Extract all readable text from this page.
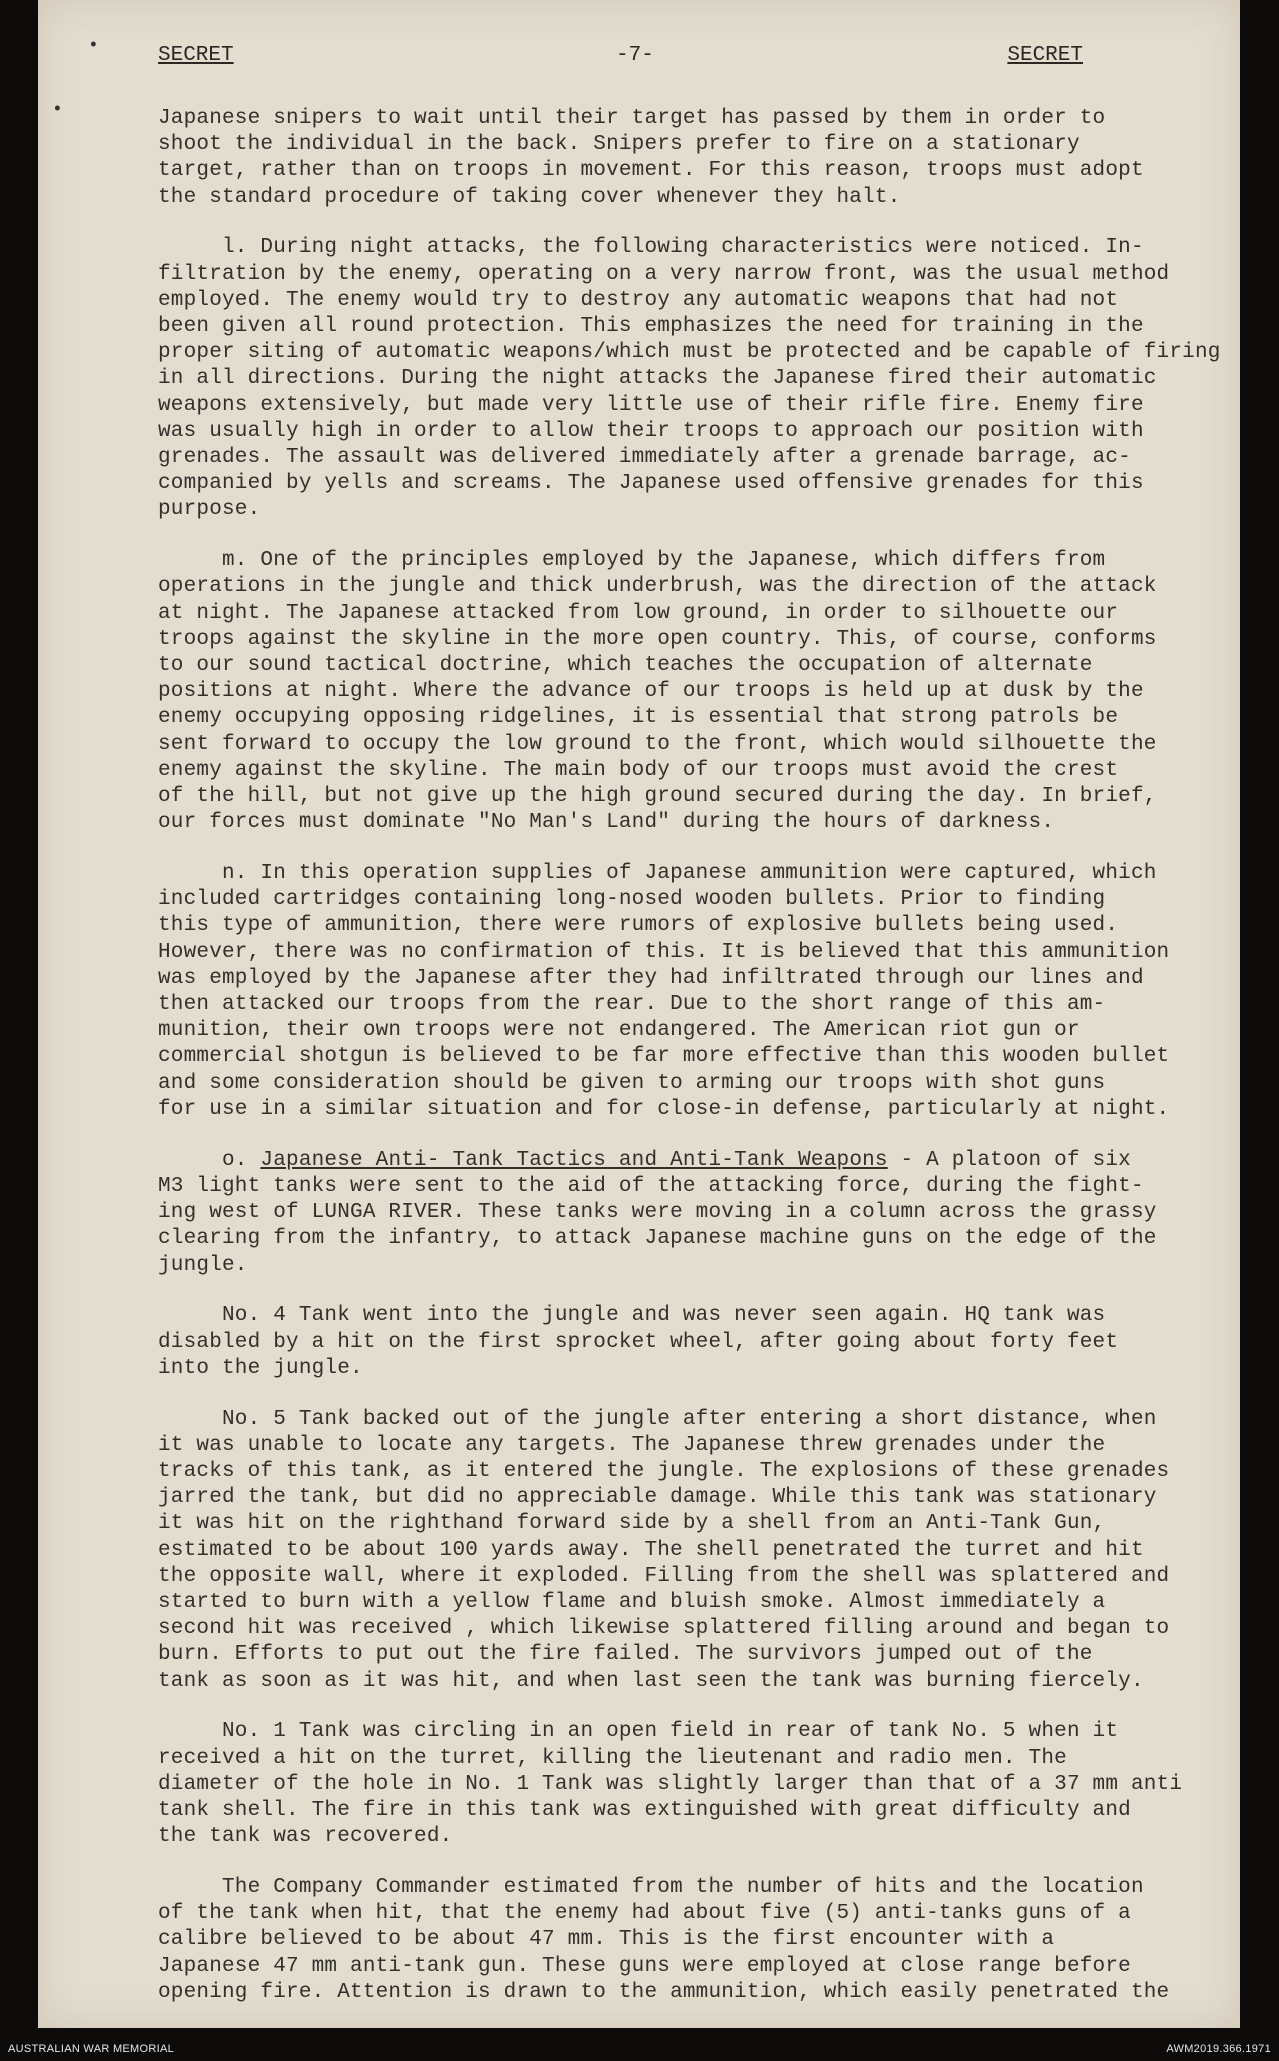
•
•
SECRET	-7-	SECRET
Japanese snipers to wait until their target has passed by them in order to
shoot the individual in the back. Snipers prefer to fire on a stationary
target, rather than on troops in movement. For this reason, troops must adopt
the standard procedure of taking cover whenever they halt.
l. During night attacks, the following characteristics were noticed. In-
filtration by the enemy, operating on a very narrow front, was the usual method
employed. The enemy would try to destroy any automatic weapons that had not
been given all round protection. This emphasizes the need for training in the
proper siting of automatic weapons/which must be protected and be capable of firing
in all directions. During the night attacks the Japanese fired their automatic
weapons extensively, but made very little use of their rifle fire. Enemy fire
was usually high in order to allow their troops to approach our position with
grenades. The assault was delivered immediately after a grenade barrage, ac-
companied by yells and screams. The Japanese used offensive grenades for this
purpose.
m. One of the principles employed by the Japanese, which differs from
operations in the jungle and thick underbrush, was the direction of the attack
at night. The Japanese attacked from low ground, in order to silhouette our
troops against the skyline in the more open country. This, of course, conforms
to our sound tactical doctrine, which teaches the occupation of alternate
positions at night. Where the advance of our troops is held up at dusk by the
enemy occupying opposing ridgelines, it is essential that strong patrols be
sent forward to occupy the low ground to the front, which would silhouette the
enemy against the skyline. The main body of our troops must avoid the crest
of the hill, but not give up the high ground secured during the day. In brief,
our forces must dominate "No Man's Land" during the hours of darkness.
n. In this operation supplies of Japanese ammunition were captured, which
included cartridges containing long-nosed wooden bullets. Prior to finding
this type of ammunition, there were rumors of explosive bullets being used.
However, there was no confirmation of this. It is believed that this ammunition
was employed by the Japanese after they had infiltrated through our lines and
then attacked our troops from the rear. Due to the short range of this am-
munition, their own troops were not endangered. The American riot gun or
commercial shotgun is believed to be far more effective than this wooden bullet
and some consideration should be given to arming our troops with shot guns
for use in a similar situation and for close-in defense, particularly at night.
o. Japanese Anti- Tank Tactics and Anti-Tank Weapons - A platoon of six
M3 light tanks were sent to the aid of the attacking force, during the fight-
ing west of LUNGA RIVER. These tanks were moving in a column across the grassy
clearing from the infantry, to attack Japanese machine guns on the edge of the
jungle.
No. 4 Tank went into the jungle and was never seen again. HQ tank was
disabled by a hit on the first sprocket wheel, after going about forty feet
into the jungle.
No. 5 Tank backed out of the jungle after entering a short distance, when
it was unable to locate any targets. The Japanese threw grenades under the
tracks of this tank, as it entered the jungle. The explosions of these grenades
jarred the tank, but did no appreciable damage. While this tank was stationary
it was hit on the righthand forward side by a shell from an Anti-Tank Gun,
estimated to be about 100 yards away. The shell penetrated the turret and hit
the opposite wall, where it exploded. Filling from the shell was splattered and
started to burn with a yellow flame and bluish smoke. Almost immediately a
second hit was received , which likewise splattered filling around and began to
burn. Efforts to put out the fire failed. The survivors jumped out of the
tank as soon as it was hit, and when last seen the tank was burning fiercely.
No. 1 Tank was circling in an open field in rear of tank No. 5 when it
received a hit on the turret, killing the lieutenant and radio men. The
diameter of the hole in No. 1 Tank was slightly larger than that of a 37 mm anti
tank shell. The fire in this tank was extinguished with great difficulty and
the tank was recovered.
The Company Commander estimated from the number of hits and the location
of the tank when hit, that the enemy had about five (5) anti-tanks guns of a
calibre believed to be about 47 mm. This is the first encounter with a
Japanese 47 mm anti-tank gun. These guns were employed at close range before
opening fire. Attention is drawn to the ammunition, which easily penetrated the
AUSTRALIAN WAR MEMORIAL	AWM2019.366.1971
